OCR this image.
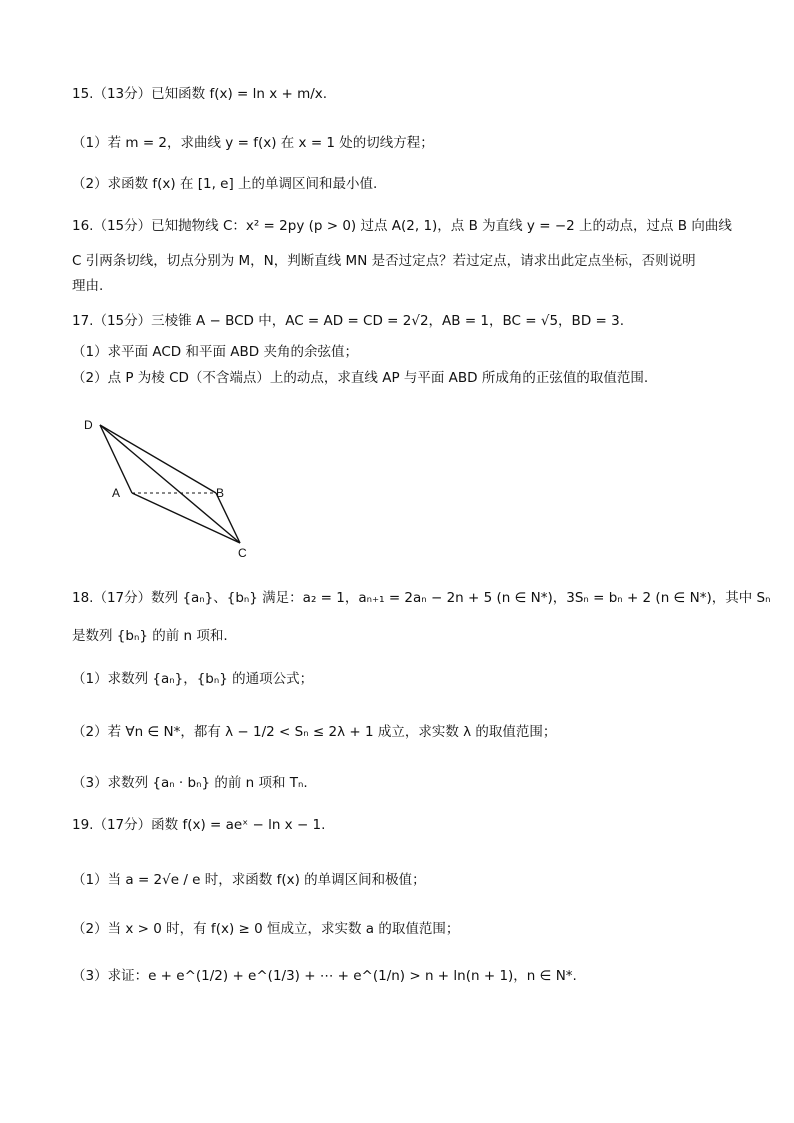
15.（13分）已知函数 f(x) = ln x + m/x.
（1）若 m = 2，求曲线 y = f(x) 在 x = 1 处的切线方程；
（2）求函数 f(x) 在 [1, e] 上的单调区间和最小值.
16.（15分）已知抛物线 C：x² = 2py (p > 0) 过点 A(2, 1)，点 B 为直线 y = −2 上的动点，过点 B 向曲线
C 引两条切线，切点分别为 M，N，判断直线 MN 是否过定点？若过定点，请求出此定点坐标，否则说明
理由.
17.（15分）三棱锥 A − BCD 中，AC = AD = CD = 2√2，AB = 1，BC = √5，BD = 3.
（1）求平面 ACD 和平面 ABD 夹角的余弦值；
（2）点 P 为棱 CD（不含端点）上的动点，求直线 AP 与平面 ABD 所成角的正弦值的取值范围.
D
A	B
C
18.（17分）数列 {aₙ}、{bₙ} 满足：a₂ = 1，aₙ₊₁ = 2aₙ − 2n + 5 (n ∈ N*)，3Sₙ = bₙ + 2 (n ∈ N*)，其中 Sₙ
是数列 {bₙ} 的前 n 项和.
（1）求数列 {aₙ}，{bₙ} 的通项公式；
（2）若 ∀n ∈ N*，都有 λ − 1/2 < Sₙ ≤ 2λ + 1 成立，求实数 λ 的取值范围；
（3）求数列 {aₙ · bₙ} 的前 n 项和 Tₙ.
19.（17分）函数 f(x) = aeˣ − ln x − 1.
（1）当 a = 2√e / e 时，求函数 f(x) 的单调区间和极值；
（2）当 x > 0 时，有 f(x) ≥ 0 恒成立，求实数 a 的取值范围；
（3）求证：e + e^(1/2) + e^(1/3) + ⋯ + e^(1/n) > n + ln(n + 1)，n ∈ N*.
